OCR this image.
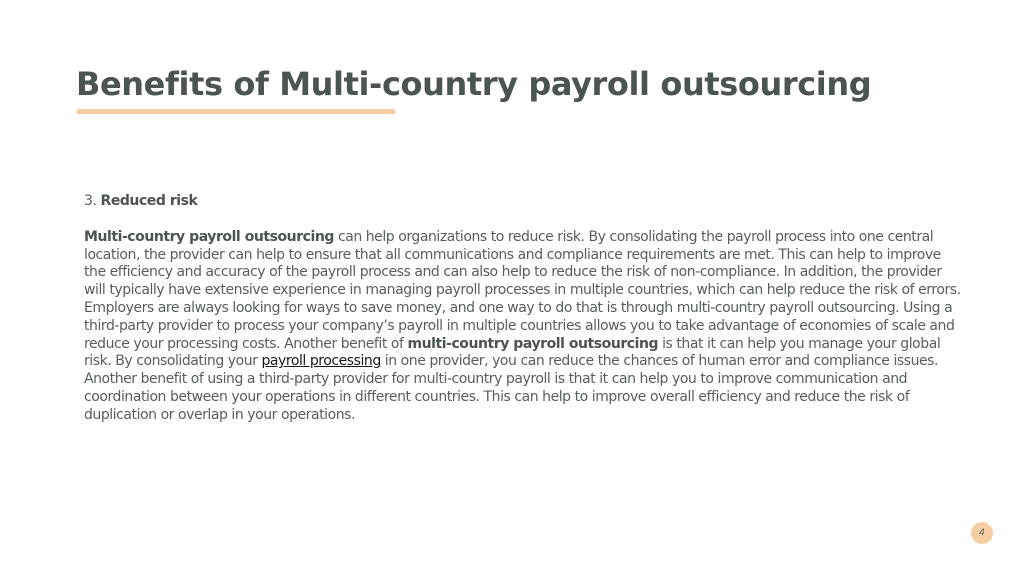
Benefits of Multi-country payroll outsourcing

3. Reduced risk

Multi-country payroll outsourcing can help organizations to reduce risk. By consolidating the payroll process into one central location, the provider can help to ensure that all communications and compliance requirements are met. This can help to improve the efficiency and accuracy of the payroll process and can also help to reduce the risk of non-compliance. In addition, the provider will typically have extensive experience in managing payroll processes in multiple countries, which can help reduce the risk of errors. Employers are always looking for ways to save money, and one way to do that is through multi-country payroll outsourcing. Using a third-party provider to process your company’s payroll in multiple countries allows you to take advantage of economies of scale and reduce your processing costs. Another benefit of multi-country payroll outsourcing is that it can help you manage your global risk. By consolidating your payroll processing in one provider, you can reduce the chances of human error and compliance issues. Another benefit of using a third-party provider for multi-country payroll is that it can help you to improve communication and coordination between your operations in different countries. This can help to improve overall efficiency and reduce the risk of duplication or overlap in your operations.

4
